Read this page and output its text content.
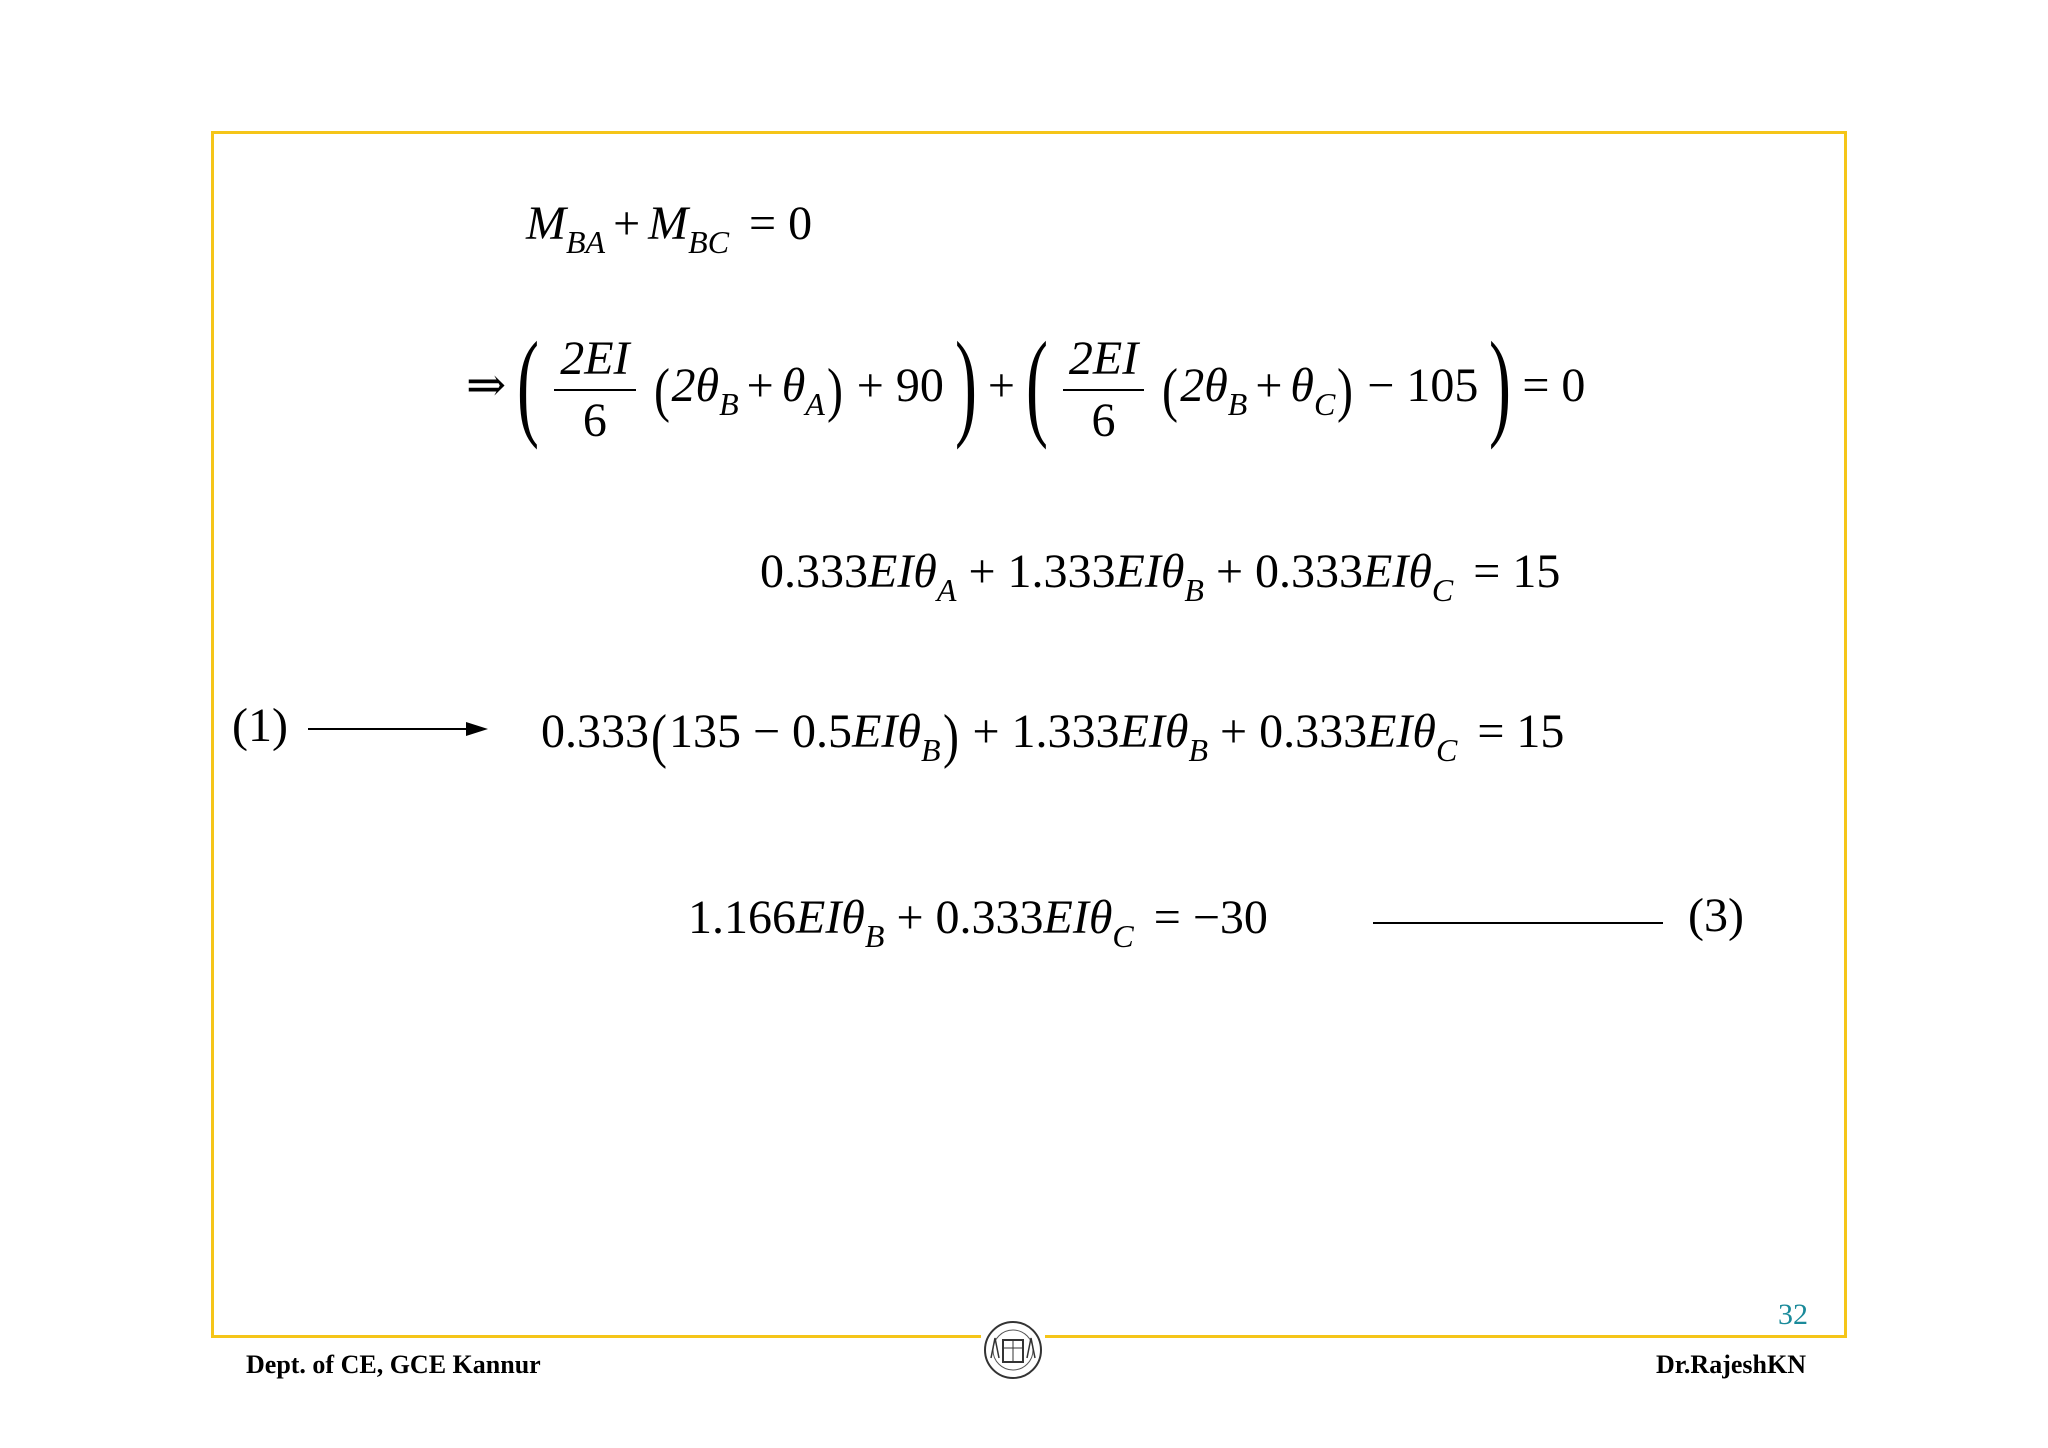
$M_{BA} + M_{BC} = 0$
⇒ ( $\frac{2EI}{6} (2\theta_B + \theta_A) + 90$ ) + ( $\frac{2EI}{6} (2\theta_B + \theta_C) - 105$ ) = 0
0.333EIθ$_A$ + 1.333EIθ$_B$ + 0.333EIθ$_C$ = 15
(1)	0.333(135 − 0.5EIθ$_B$) + 1.333EIθ$_B$ + 0.333EIθ$_C$ = 15
1.166EIθ$_B$ + 0.333EIθ$_C$ = −30	(3)
32
Dept. of CE, GCE Kannur	Dr.RajeshKN
